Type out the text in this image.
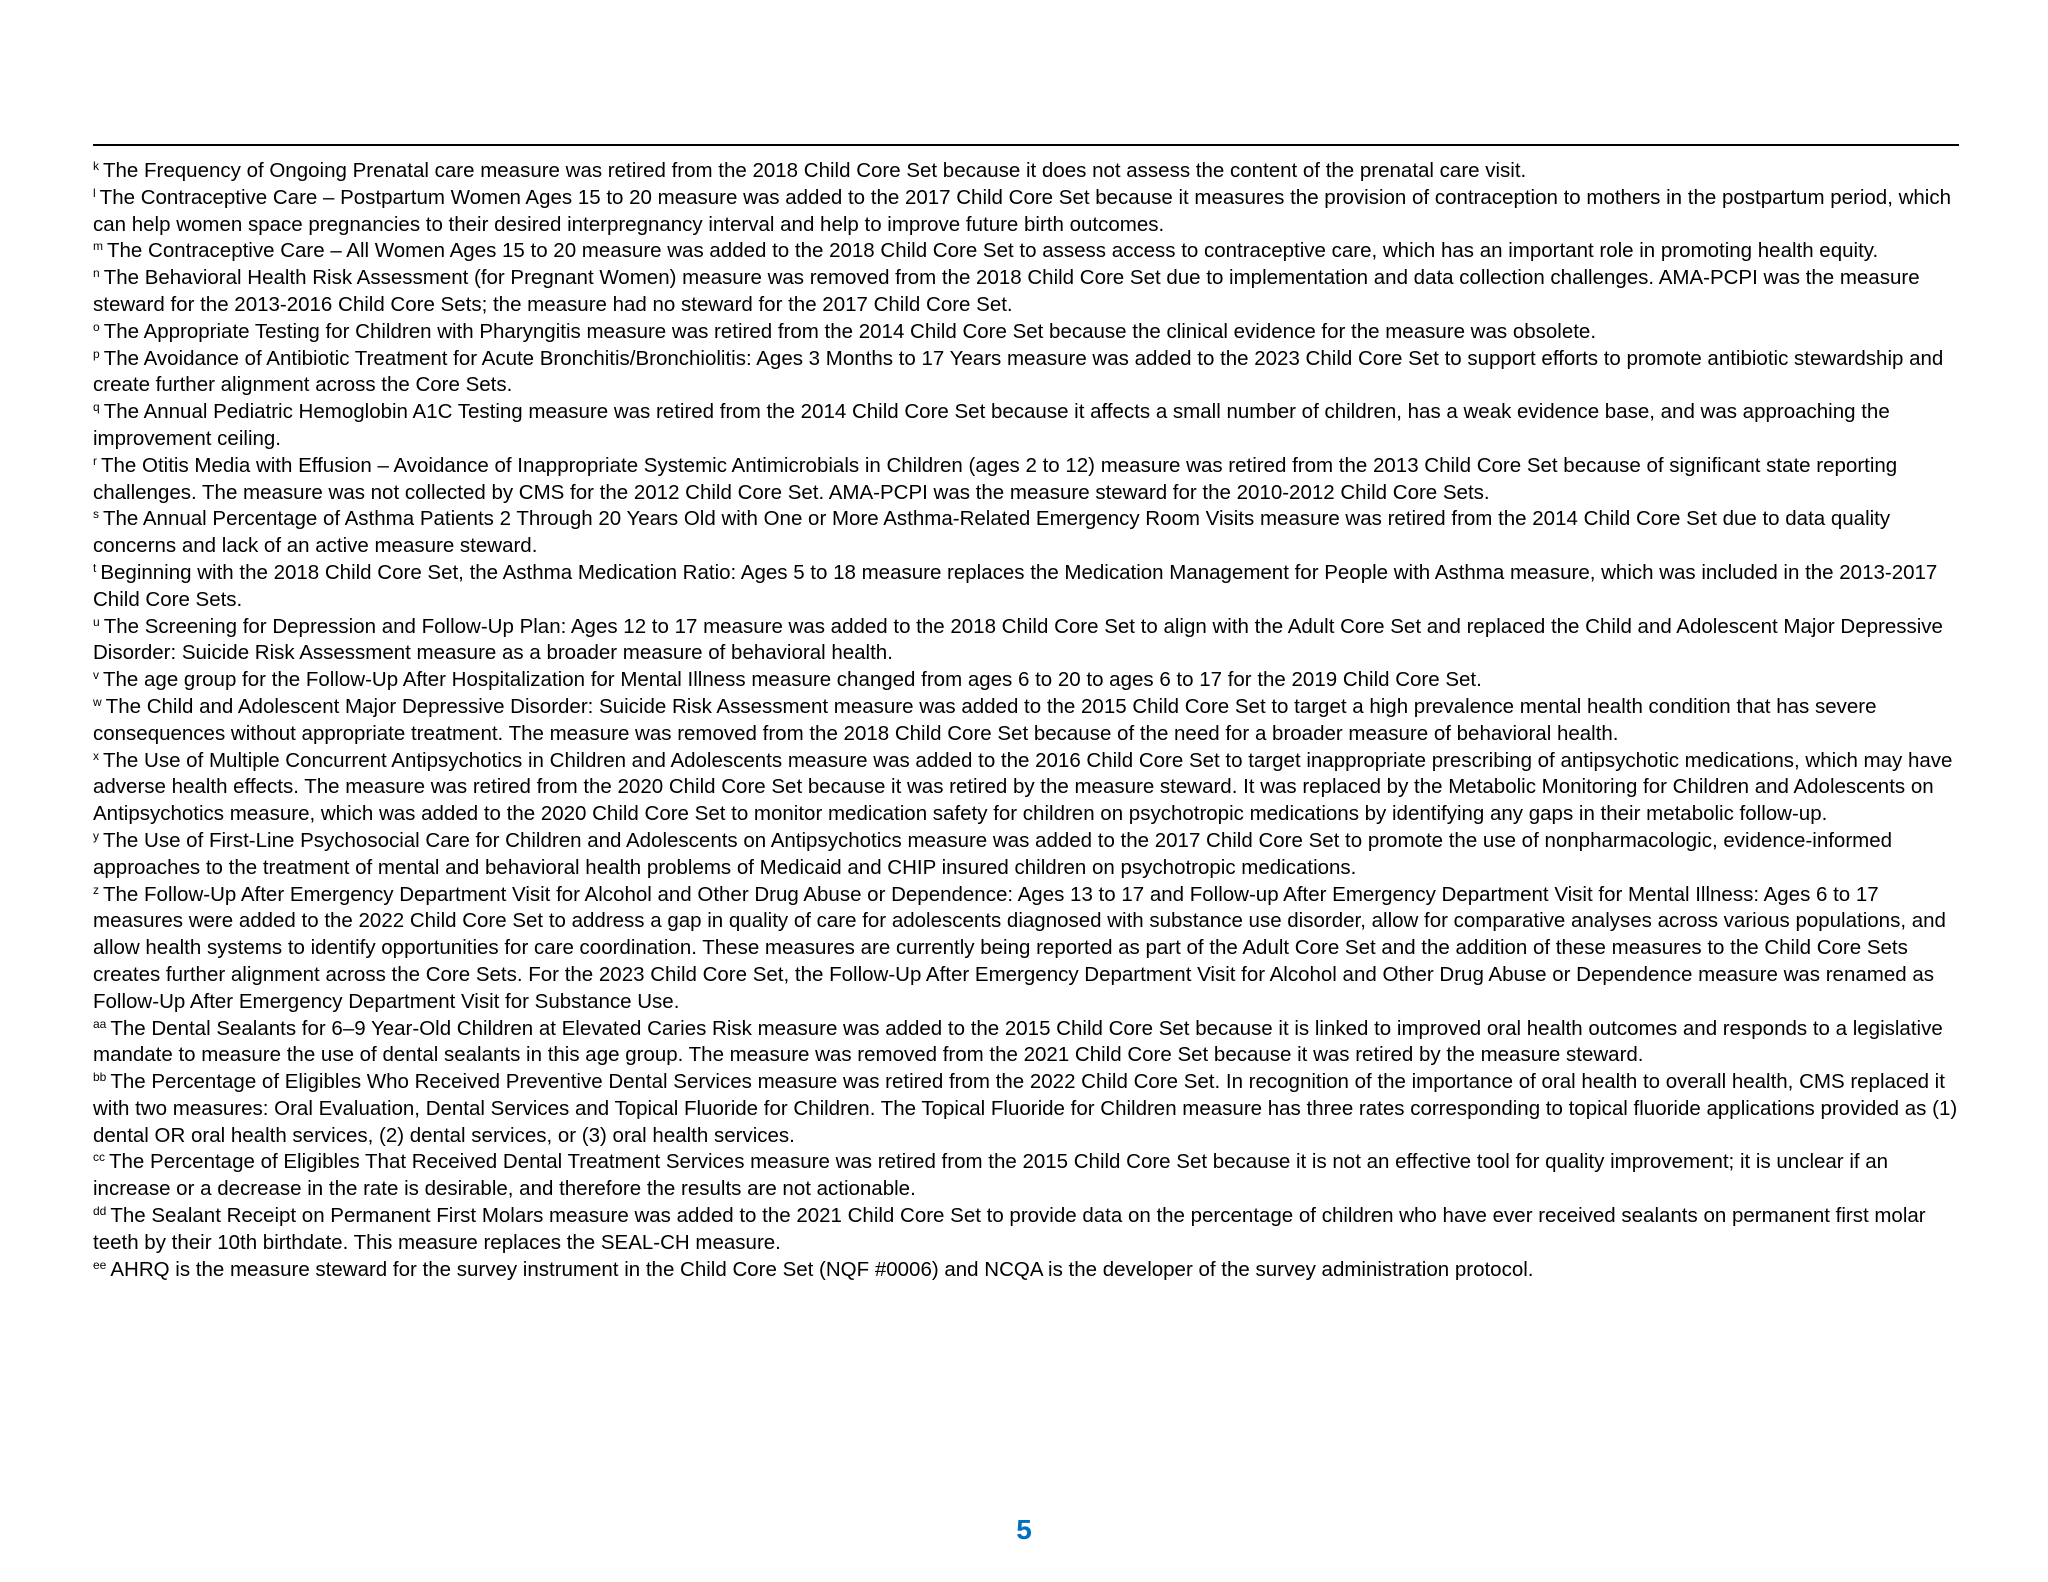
$^k$ The Frequency of Ongoing Prenatal care measure was retired from the 2018 Child Core Set because it does not assess the content of the prenatal care visit.

$^l$ The Contraceptive Care – Postpartum Women Ages 15 to 20 measure was added to the 2017 Child Core Set because it measures the provision of contraception to mothers in the postpartum period, which can help women space pregnancies to their desired interpregnancy interval and help to improve future birth outcomes.

$^m$ The Contraceptive Care – All Women Ages 15 to 20 measure was added to the 2018 Child Core Set to assess access to contraceptive care, which has an important role in promoting health equity.

$^n$ The Behavioral Health Risk Assessment (for Pregnant Women) measure was removed from the 2018 Child Core Set due to implementation and data collection challenges. AMA-PCPI was the measure steward for the 2013-2016 Child Core Sets; the measure had no steward for the 2017 Child Core Set.

$^o$ The Appropriate Testing for Children with Pharyngitis measure was retired from the 2014 Child Core Set because the clinical evidence for the measure was obsolete.

$^p$ The Avoidance of Antibiotic Treatment for Acute Bronchitis/Bronchiolitis: Ages 3 Months to 17 Years measure was added to the 2023 Child Core Set to support efforts to promote antibiotic stewardship and create further alignment across the Core Sets.

$^q$ The Annual Pediatric Hemoglobin A1C Testing measure was retired from the 2014 Child Core Set because it affects a small number of children, has a weak evidence base, and was approaching the improvement ceiling.

$^r$ The Otitis Media with Effusion – Avoidance of Inappropriate Systemic Antimicrobials in Children (ages 2 to 12) measure was retired from the 2013 Child Core Set because of significant state reporting challenges. The measure was not collected by CMS for the 2012 Child Core Set. AMA-PCPI was the measure steward for the 2010-2012 Child Core Sets.

$^s$ The Annual Percentage of Asthma Patients 2 Through 20 Years Old with One or More Asthma-Related Emergency Room Visits measure was retired from the 2014 Child Core Set due to data quality concerns and lack of an active measure steward.

$^t$ Beginning with the 2018 Child Core Set, the Asthma Medication Ratio: Ages 5 to 18 measure replaces the Medication Management for People with Asthma measure, which was included in the 2013-2017 Child Core Sets.

$^u$ The Screening for Depression and Follow-Up Plan: Ages 12 to 17 measure was added to the 2018 Child Core Set to align with the Adult Core Set and replaced the Child and Adolescent Major Depressive Disorder: Suicide Risk Assessment measure as a broader measure of behavioral health.

$^v$ The age group for the Follow-Up After Hospitalization for Mental Illness measure changed from ages 6 to 20 to ages 6 to 17 for the 2019 Child Core Set.

$^w$ The Child and Adolescent Major Depressive Disorder: Suicide Risk Assessment measure was added to the 2015 Child Core Set to target a high prevalence mental health condition that has severe consequences without appropriate treatment. The measure was removed from the 2018 Child Core Set because of the need for a broader measure of behavioral health.

$^x$ The Use of Multiple Concurrent Antipsychotics in Children and Adolescents measure was added to the 2016 Child Core Set to target inappropriate prescribing of antipsychotic medications, which may have adverse health effects. The measure was retired from the 2020 Child Core Set because it was retired by the measure steward. It was replaced by the Metabolic Monitoring for Children and Adolescents on Antipsychotics measure, which was added to the 2020 Child Core Set to monitor medication safety for children on psychotropic medications by identifying any gaps in their metabolic follow-up.

$^y$ The Use of First-Line Psychosocial Care for Children and Adolescents on Antipsychotics measure was added to the 2017 Child Core Set to promote the use of nonpharmacologic, evidence-informed approaches to the treatment of mental and behavioral health problems of Medicaid and CHIP insured children on psychotropic medications.

$^z$ The Follow-Up After Emergency Department Visit for Alcohol and Other Drug Abuse or Dependence: Ages 13 to 17 and Follow-up After Emergency Department Visit for Mental Illness: Ages 6 to 17 measures were added to the 2022 Child Core Set to address a gap in quality of care for adolescents diagnosed with substance use disorder, allow for comparative analyses across various populations, and allow health systems to identify opportunities for care coordination. These measures are currently being reported as part of the Adult Core Set and the addition of these measures to the Child Core Sets creates further alignment across the Core Sets. For the 2023 Child Core Set, the Follow-Up After Emergency Department Visit for Alcohol and Other Drug Abuse or Dependence measure was renamed as Follow-Up After Emergency Department Visit for Substance Use.

$^{aa}$ The Dental Sealants for 6–9 Year-Old Children at Elevated Caries Risk measure was added to the 2015 Child Core Set because it is linked to improved oral health outcomes and responds to a legislative mandate to measure the use of dental sealants in this age group. The measure was removed from the 2021 Child Core Set because it was retired by the measure steward.

$^{bb}$ The Percentage of Eligibles Who Received Preventive Dental Services measure was retired from the 2022 Child Core Set. In recognition of the importance of oral health to overall health, CMS replaced it with two measures: Oral Evaluation, Dental Services and Topical Fluoride for Children. The Topical Fluoride for Children measure has three rates corresponding to topical fluoride applications provided as (1) dental OR oral health services, (2) dental services, or (3) oral health services.

$^{cc}$ The Percentage of Eligibles That Received Dental Treatment Services measure was retired from the 2015 Child Core Set because it is not an effective tool for quality improvement; it is unclear if an increase or a decrease in the rate is desirable, and therefore the results are not actionable.

$^{dd}$ The Sealant Receipt on Permanent First Molars measure was added to the 2021 Child Core Set to provide data on the percentage of children who have ever received sealants on permanent first molar teeth by their 10th birthdate. This measure replaces the SEAL-CH measure.

$^{ee}$ AHRQ is the measure steward for the survey instrument in the Child Core Set (NQF #0006) and NCQA is the developer of the survey administration protocol.

5
